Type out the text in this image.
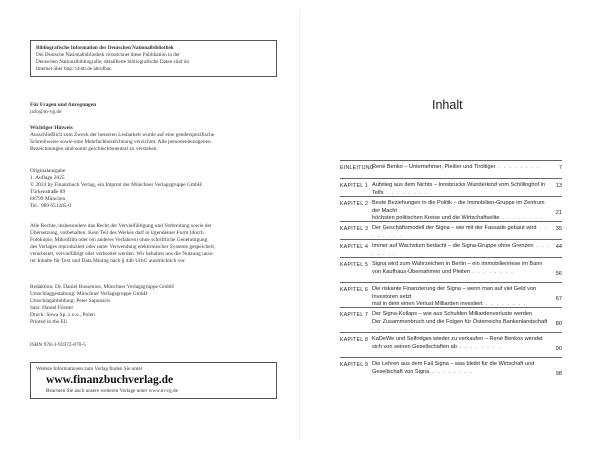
Bibliografische Information der Deutschen Nationalbibliothek

Die Deutsche Nationalbibliothek verzeichnet diese Publikation in der

Deutschen Nationalbibliografie; detaillierte bibliografische Daten sind im

Internet über http://d-nb.de abrufbar.

Für Fragen und Anregungen
info@m-vg.de
Wichtiger Hinweis
Ausschließlich zum Zweck der besseren Lesbarkeit wurde auf eine genderspezifische
Schreibweise sowie eine Mehrfachbezeichnung verzichtet. Alle personenbezogenen
Bezeichnungen sind somit geschlechtsneutral zu verstehen.
Originalausgabe
1. Auflage 2025
© 2024 by Finanzbuch Verlag, ein Imprint der Münchner Verlagsgruppe GmbH
Türkenstraße 89
80799 München
Tel.: 089 651285-0
Alle Rechte, insbesondere das Recht der Vervielfältigung und Verbreitung sowie der
Übersetzung, vorbehalten. Kein Teil des Werkes darf in irgendeiner Form (durch
Fotokopie, Mikrofilm oder ein anderes Verfahren) ohne schriftliche Genehmigung
des Verlages reproduziert oder unter Verwendung elektronischer Systeme gespeichert,
verarbeitet, vervielfältigt oder verbreitet werden. Wir behalten uns die Nutzung unse-
rer Inhalte für Text und Data Mining nach § 44b UrhG ausdrücklich vor.
Redaktion: Dr. Daniel Bussenius, Münchner Verlagsgruppe GmbH
Umschlaggestaltung: Münchner Verlagsgruppe GmbH
Umschlagabbildung: Peter Sapunaris
Satz: Daniel Förster
Druck: Sowa Sp. z o.o., Polen
Printed in the EU
ISBN 978-3-95972-870-5
Weitere Informationen zum Verlag finden Sie unter
www.finanzbuchverlag.de
Beachten Sie auch unsere weiteren Verlage unter www.m-vg.de
Inhalt
EINLEITUNG
René Benko – Unternehmer, Pleitier und Tiroltiger . . . . . . . .	7
KAPITEL 1 Aufstieg aus dem Nichts – Innsbrucks Wunderkind vom Schillinghof in Telfs . . . . . . . .
13
KAPITEL 2 Beste Beziehungen in die Politik – die Immobilien-Gruppe im Zentrum der Macht
höchsten politischen Kreise und die Wirtschaftselite . . . . . . . .
21
KAPITEL 3 Der Geschäftsmodell der Signa – wie mit der Fassade gebaut wird . . . . . . . .
35
KAPITEL 4 Immer auf Wachstum bedacht – die Signa-Gruppe ohne Grenzen . . . . . . . .
44
KAPITEL 5 Signa wird zum Wahrzeichen in Berlin – ein Immobilienriese im Bann
von Kaufhaus-Übernahmen und Pleiten . . . . . . . .	56
KAPITEL 6 Die riskante Finanzierung der Signa – wenn man auf viel Geld von Investoren setzt
mal in dem einen Verlust Milliarden investiert . . . . . . . .
67
KAPITEL 7 Der Signa-Kollaps – wie aus Schulden Milliardenverluste werden
Der Zusammenbruch und die Folgen für Österreichs Bankenlandschaft . . . . . . . .
80
KAPITEL 8 KaDeWe und Selfridges wieder zu verkaufen – René Benkos wendet
sich von seinen Gesellschaften ab . . . . . . . .	90
KAPITEL 9 Die Lehren aus dem Fall Signa – was bleibt für die Wirtschaft und
Gesellschaft von Signa . . . . . . . .	98
